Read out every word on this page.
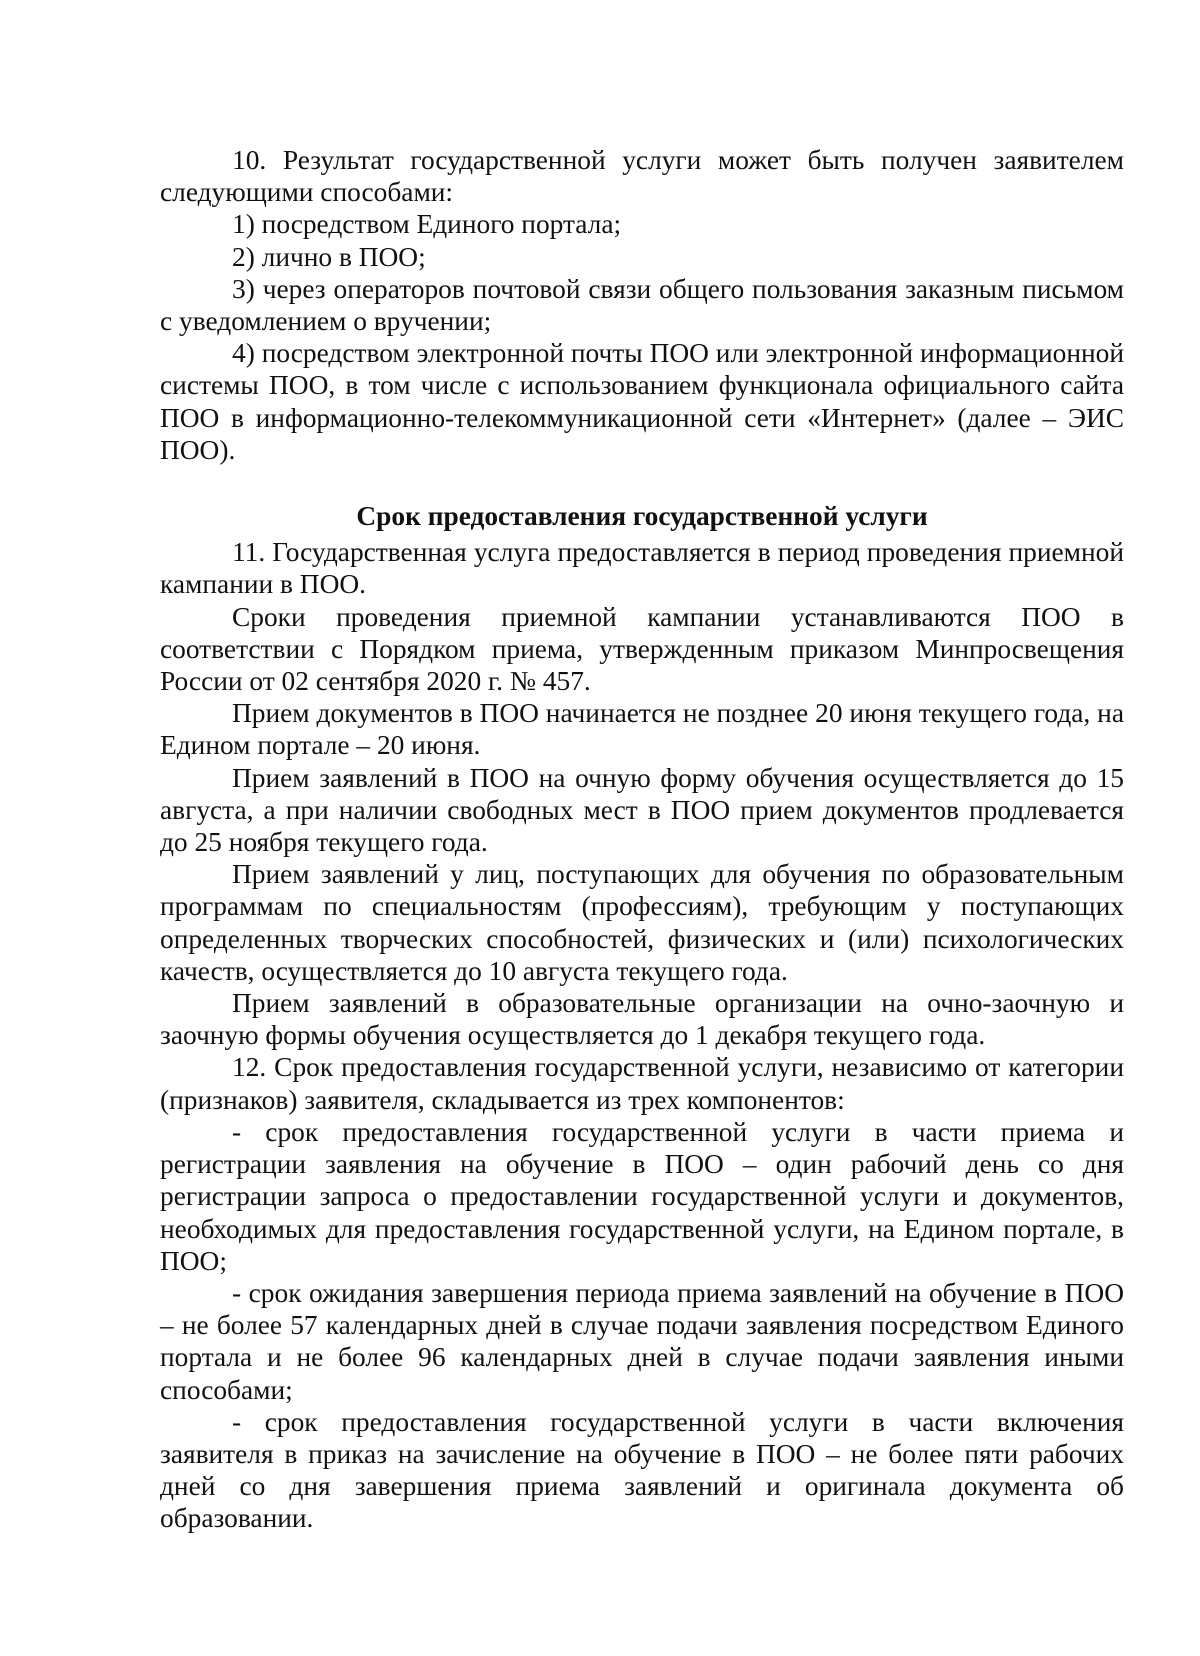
10. Результат государственной услуги может быть получен заявителем следующими способами:

1) посредством Единого портала;

2) лично в ПОО;

3) через операторов почтовой связи общего пользования заказным письмом с уведомлением о вручении;

4) посредством электронной почты ПОО или электронной информационной системы ПОО, в том числе с использованием функционала официального сайта ПОО в информационно-телекоммуникационной сети «Интернет» (далее – ЭИС ПОО).

Срок предоставления государственной услуги

11. Государственная услуга предоставляется в период проведения приемной кампании в ПОО.

Сроки проведения приемной кампании устанавливаются ПОО в соответствии с Порядком приема, утвержденным приказом Минпросвещения России от 02 сентября 2020 г. № 457.

Прием документов в ПОО начинается не позднее 20 июня текущего года, на Едином портале – 20 июня.

Прием заявлений в ПОО на очную форму обучения осуществляется до 15 августа, а при наличии свободных мест в ПОО прием документов продлевается до 25 ноября текущего года.

Прием заявлений у лиц, поступающих для обучения по образовательным программам по специальностям (профессиям), требующим у поступающих определенных творческих способностей, физических и (или) психологических качеств, осуществляется до 10 августа текущего года.

Прием заявлений в образовательные организации на очно-заочную и заочную формы обучения осуществляется до 1 декабря текущего года.

12. Срок предоставления государственной услуги, независимо от категории (признаков) заявителя, складывается из трех компонентов:

- срок предоставления государственной услуги в части приема и регистрации заявления на обучение в ПОО – один рабочий день со дня регистрации запроса о предоставлении государственной услуги и документов, необходимых для предоставления государственной услуги, на Едином портале, в ПОО;

- срок ожидания завершения периода приема заявлений на обучение в ПОО – не более 57 календарных дней в случае подачи заявления посредством Единого портала и не более 96 календарных дней в случае подачи заявления иными способами;

- срок предоставления государственной услуги в части включения заявителя в приказ на зачисление на обучение в ПОО – не более пяти рабочих дней со дня завершения приема заявлений и оригинала документа об образовании.
